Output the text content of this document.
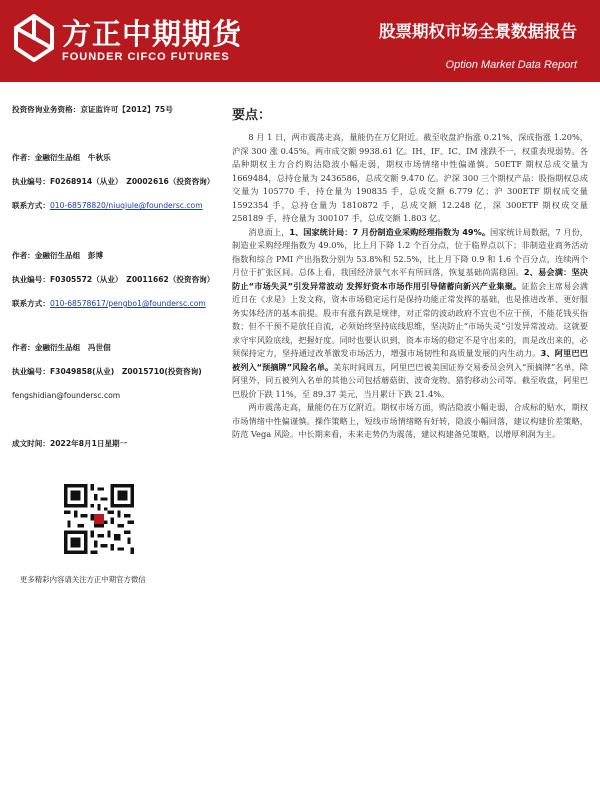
方正中期期货
FOUNDER CIFCO FUTURES
股票期权市场全景数据报告
Option Market Data Report
投资咨询业务资格：京证监许可【2012】75号
作者：金融衍生品组　牛秋乐
执业编号：F0268914（从业）　Z0002616（投资咨询）
联系方式：010-68578820/niuqiule@foundersc.com
作者：金融衍生品组　彭博
执业编号：F0305572（从业）　Z0011662（投资咨询）
联系方式：010-68578617/pengbo1@foundersc.com
作者：金融衍生品组　冯世佃
执业编号：F3049858(从业)　Z0015710(投资咨询)
fengshidian@foundersc.com
成文时间：2022年8月1日星期一
更多精彩内容请关注方正中期官方微信
要点：

8 月 1 日，两市震荡走高，量能仍在万亿附近。截至收盘沪指涨 0.21%，深成指涨 1.20%，沪深 300 涨 0.45%。两市成交额 9938.61 亿。IH、IF、IC、IM 涨跌不一，权重表现弱势。各品种期权主力合约购沽隐波小幅走弱，期权市场情绪中性偏谨慎。50ETF 期权总成交量为 1669484，总持仓量为 2436586，总成交额 9.470 亿。沪深 300 三个期权产品：股指期权总成交量为 105770 手，持仓量为 190835 手，总成交额 6.779 亿；沪 300ETF 期权成交量 1592354 手，总持仓量为 1810872 手，总成交额 12.248 亿，深 300ETF 期权成交量 258189 手，持仓量为 300107 手，总成交额 1.803 亿。

消息面上，1、国家统计局：7 月份制造业采购经理指数为 49%。国家统计局数据，7 月份，制造业采购经理指数为 49.0%，比上月下降 1.2 个百分点，位于临界点以下；非制造业商务活动指数和综合 PMI 产出指数分别为 53.8%和 52.5%，比上月下降 0.9 和 1.6 个百分点，连续两个月位于扩张区间。总体上看，我国经济景气水平有所回落，恢复基础尚需稳固。2、易会满：坚决防止“市场失灵”引发异常波动 发挥好资本市场作用引导储蓄向新兴产业集聚。证监会主席易会满近日在《求是》上发文称，资本市场稳定运行是保持功能正常发挥的基础，也是推进改革、更好服务实体经济的基本前提。股市有涨有跌是规律，对正常的波动政府不宜也不应干预，不能花钱买指数；但不干预不是放任自流，必须始终坚持底线思维，坚决防止“市场失灵”引发异常波动。这就要求守牢风险底线，把握好度。同时也要认识到，资本市场的稳定不是守出来的，而是改出来的，必须保持定力，坚持通过改革激发市场活力，增强市场韧性和高质量发展的内生动力。3、阿里巴巴被列入“预摘牌”风险名单。美东时间周五，阿里巴巴被美国证券交易委员会列入“预摘牌”名单，除阿里外，同五被列入名单的其他公司包括蘑菇街、波奇宠物、猎豹移动公司等。截至收盘，阿里巴巴股价下跌 11%，至 89.37 美元，当月累计下跌 21.4%。

两市震荡走高，量能仍在万亿附近。期权市场方面，购沽隐波小幅走弱，合成标的贴水，期权市场情绪中性偏谨慎。操作策略上，短线市场情绪略有好转，隐波小幅回落，建议构建价差策略，防范 Vega 风险。中长期来看，未来走势仍为震荡，建议构建备兑策略，以增厚利润为主。
